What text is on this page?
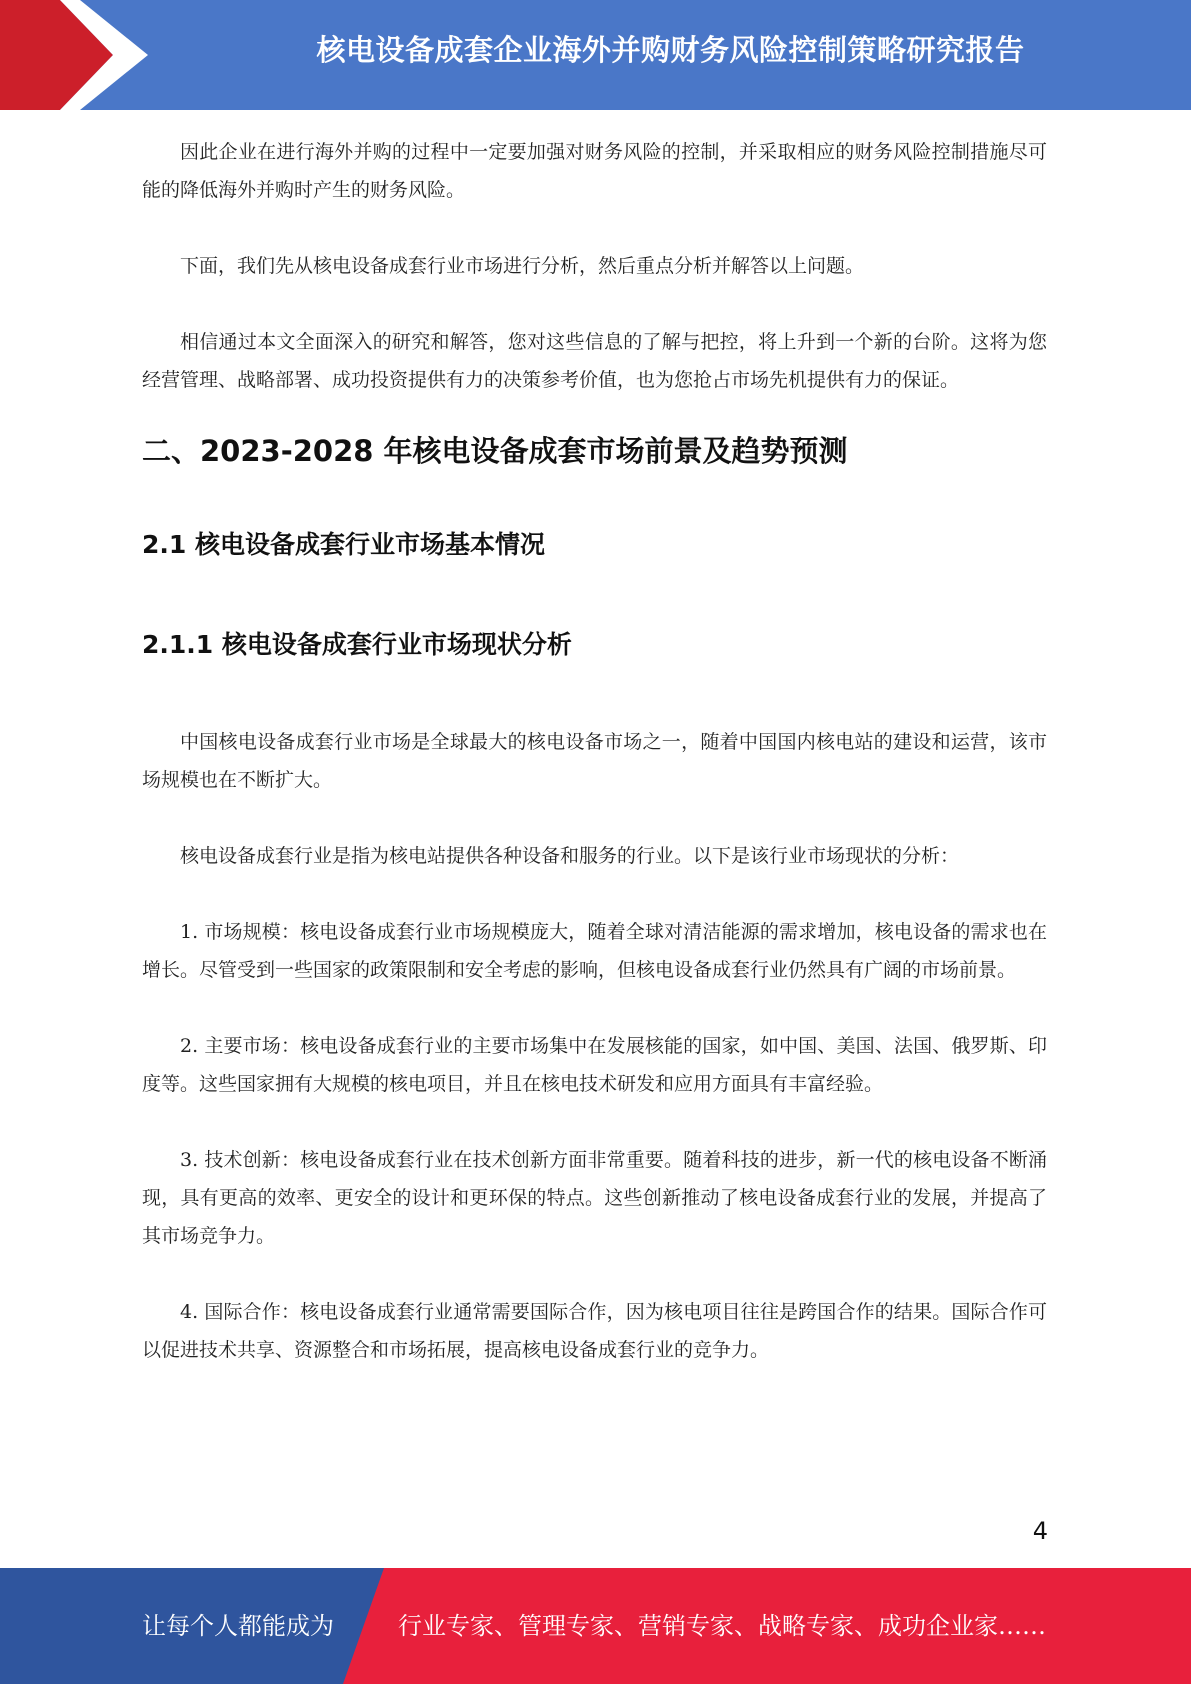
核电设备成套企业海外并购财务风险控制策略研究报告

因此企业在进行海外并购的过程中一定要加强对财务风险的控制，并采取相应的财务风险控制措施尽可能的降低海外并购时产生的财务风险。

下面，我们先从核电设备成套行业市场进行分析，然后重点分析并解答以上问题。

相信通过本文全面深入的研究和解答，您对这些信息的了解与把控，将上升到一个新的台阶。这将为您经营管理、战略部署、成功投资提供有力的决策参考价值，也为您抢占市场先机提供有力的保证。

二、2023-2028 年核电设备成套市场前景及趋势预测
2.1 核电设备成套行业市场基本情况
2.1.1 核电设备成套行业市场现状分析

中国核电设备成套行业市场是全球最大的核电设备市场之一，随着中国国内核电站的建设和运营，该市场规模也在不断扩大。

核电设备成套行业是指为核电站提供各种设备和服务的行业。以下是该行业市场现状的分析：

1. 市场规模：核电设备成套行业市场规模庞大，随着全球对清洁能源的需求增加，核电设备的需求也在增长。尽管受到一些国家的政策限制和安全考虑的影响，但核电设备成套行业仍然具有广阔的市场前景。

2. 主要市场：核电设备成套行业的主要市场集中在发展核能的国家，如中国、美国、法国、俄罗斯、印度等。这些国家拥有大规模的核电项目，并且在核电技术研发和应用方面具有丰富经验。

3. 技术创新：核电设备成套行业在技术创新方面非常重要。随着科技的进步，新一代的核电设备不断涌现，具有更高的效率、更安全的设计和更环保的特点。这些创新推动了核电设备成套行业的发展，并提高了其市场竞争力。

4. 国际合作：核电设备成套行业通常需要国际合作，因为核电项目往往是跨国合作的结果。国际合作可以促进技术共享、资源整合和市场拓展，提高核电设备成套行业的竞争力。

4
让每个人都能成为	行业专家、管理专家、营销专家、战略专家、成功企业家……
